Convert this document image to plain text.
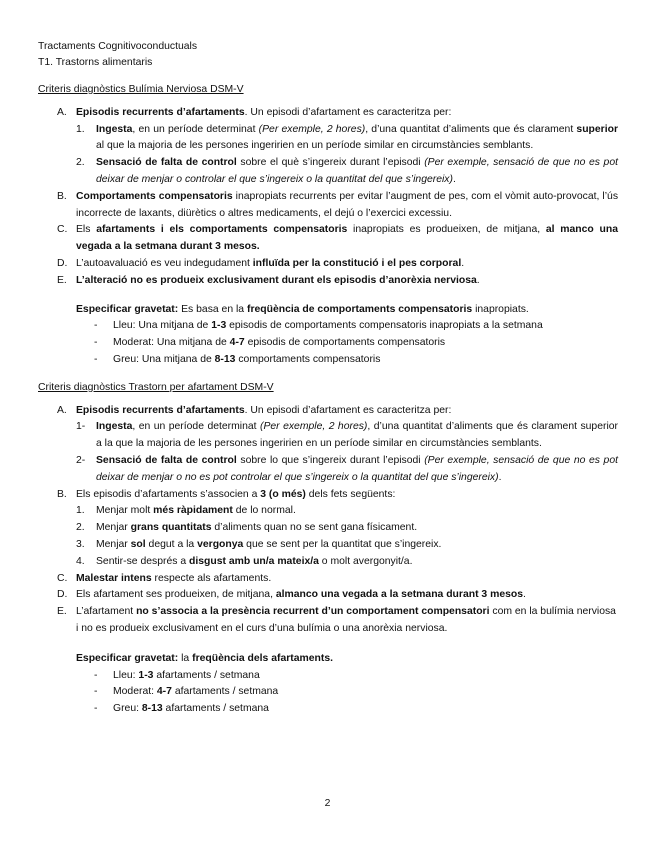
Tractaments Cognitivoconductuals

T1. Trastorns alimentaris

Criteris diagnòstics Bulímia Nerviosa DSM-V

A. Episodis recurrents d’afartaments. Un episodi d’afartament es caracteritza per:
1. Ingesta, en un període determinat (Per exemple, 2 hores), d’una quantitat d’aliments que és clarament superior al que la majoria de les persones ingeririen en un període similar en circumstàncies semblants.
2. Sensació de falta de control sobre el què s’ingereix durant l’episodi (Per exemple, sensació de que no es pot deixar de menjar o controlar el que s’ingereix o la quantitat del que s’ingereix).
B. Comportaments compensatoris inapropiats recurrents per evitar l’augment de pes, com el vòmit auto-provocat, l’ús incorrecte de laxants, diürètics o altres medicaments, el dejú o l’exercici excessiu.
C. Els afartaments i els comportaments compensatoris inapropiats es produeixen, de mitjana, al manco una vegada a la setmana durant 3 mesos.
D. L’autoavaluació es veu indegudament influïda per la constitució i el pes corporal.
E. L’alteració no es produeix exclusivament durant els episodis d’anorèxia nerviosa.

Especificar gravetat: Es basa en la freqüència de comportaments compensatoris inapropiats.

- Lleu: Una mitjana de 1-3 episodis de comportaments compensatoris inapropiats a la setmana
- Moderat: Una mitjana de 4-7 episodis de comportaments compensatoris
- Greu: Una mitjana de 8-13 comportaments compensatoris

Criteris diagnòstics Trastorn per afartament DSM-V

A. Episodis recurrents d’afartaments. Un episodi d’afartament es caracteritza per:
1- Ingesta, en un període determinat (Per exemple, 2 hores), d’una quantitat d’aliments que és clarament superior a la que la majoria de les persones ingeririen en un període similar en circumstàncies semblants.
2- Sensació de falta de control sobre lo que s’ingereix durant l’episodi (Per exemple, sensació de que no es pot deixar de menjar o no es pot controlar el que s’ingereix o la quantitat del que s’ingereix).
B. Els episodis d’afartaments s’associen a 3 (o més) dels fets següents:
1. Menjar molt més ràpidament de lo normal.
2. Menjar grans quantitats d’aliments quan no se sent gana físicament.
3. Menjar sol degut a la vergonya que se sent per la quantitat que s’ingereix.
4. Sentir-se després a disgust amb un/a mateix/a o molt avergonyit/a.
C. Malestar intens respecte als afartaments.
D. Els afartament ses produeixen, de mitjana, almanco una vegada a la setmana durant 3 mesos.
E. L’afartament no s’associa a la presència recurrent d’un comportament compensatori com en la bulímia nerviosa i no es produeix exclusivament en el curs d’una bulímia o una anorèxia nerviosa.

Especificar gravetat: la freqüència dels afartaments.

- Lleu: 1-3 afartaments / setmana
- Moderat: 4-7 afartaments / setmana
- Greu: 8-13 afartaments / setmana
2
